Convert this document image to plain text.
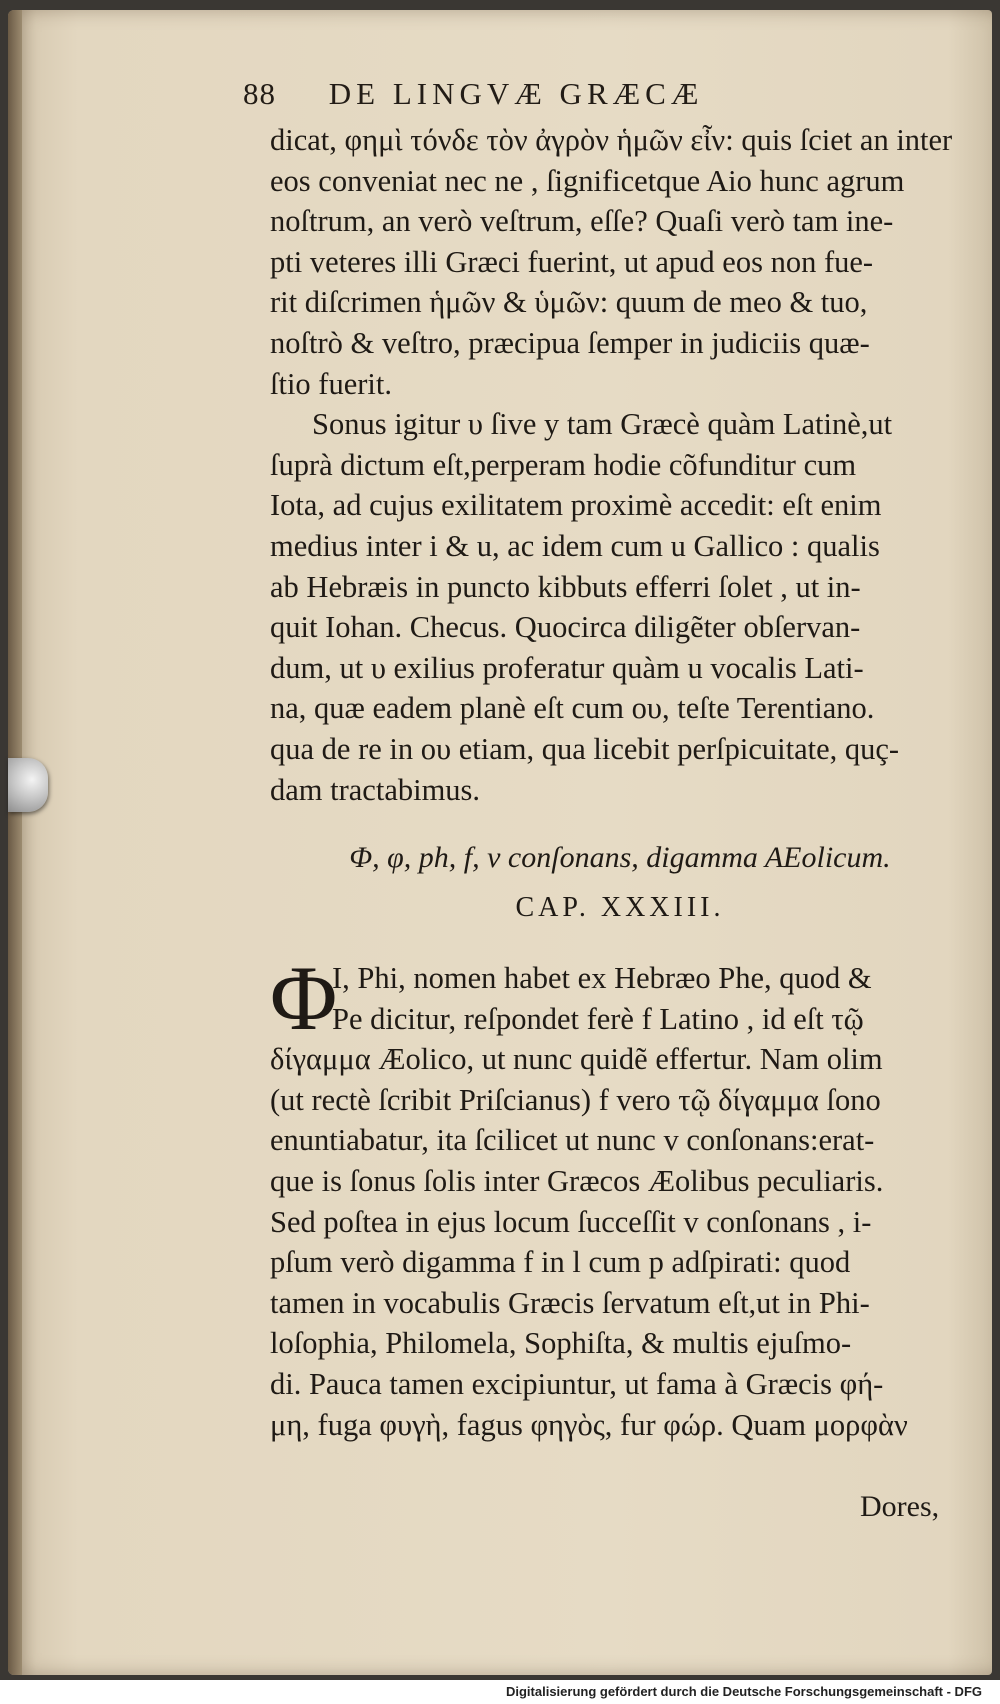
88 DE LINGVÆ GRÆCÆ
dicat, φημὶ τόνδε τὸν ἀγρὸν ἡμῶν εἶν: quis ſciet an inter
eos conveniat nec ne , ſignificetque Aio hunc agrum
noſtrum, an verò veſtrum, eſſe? Quaſi verò tam ine-
pti veteres illi Græci fuerint, ut apud eos non fue-
rit diſcrimen ἡμῶν & ὑμῶν: quum de meo & tuo,
noſtrò & veſtro, præcipua ſemper in judiciis quæ-
ſtio fuerit.
Sonus igitur υ ſive y tam Græcè quàm Latinè,ut
ſuprà dictum eſt,perperam hodie cõfunditur cum
Iota, ad cujus exilitatem proximè accedit: eſt enim
medius inter i & u, ac idem cum u Gallico : qualis
ab Hebræis in puncto kibbuts efferri ſolet , ut in-
quit Iohan. Checus. Quocirca diligẽter obſervan-
dum, ut υ exilius proferatur quàm u vocalis Lati-
na, quæ eadem planè eſt cum ου, teſte Terentiano.
qua de re in ου etiam, qua licebit perſpicuitate, quç-
dam tractabimus.
Φ, φ, ph, f, v conſonans, digamma AEolicum.
CAP. XXXIII.
I, Phi, nomen habet ex Hebræo Phe, quod &
Pe dicitur, reſpondet ferè f Latino , id eſt τῷ
δίγαμμα Æolico, ut nunc quidẽ effertur. Nam olim
(ut rectè ſcribit Priſcianus) f vero τῷ δίγαμμα ſono
enuntiabatur, ita ſcilicet ut nunc v conſonans:erat-
que is ſonus ſolis inter Græcos Æolibus peculiaris.
Sed poſtea in ejus locum ſucceſſit v conſonans , i-
pſum verò digamma f in l cum p adſpirati: quod
tamen in vocabulis Græcis ſervatum eſt,ut in Phi-
loſophia, Philomela, Sophiſta, & multis ejuſmo-
di. Pauca tamen excipiuntur, ut fama à Græcis φή-
μη, fuga φυγὴ, fagus φηγὸς, fur φώρ. Quam μορφὰν
Φ
Dores,
Digitalisierung gefördert durch die Deutsche Forschungsgemeinschaft - DFG
